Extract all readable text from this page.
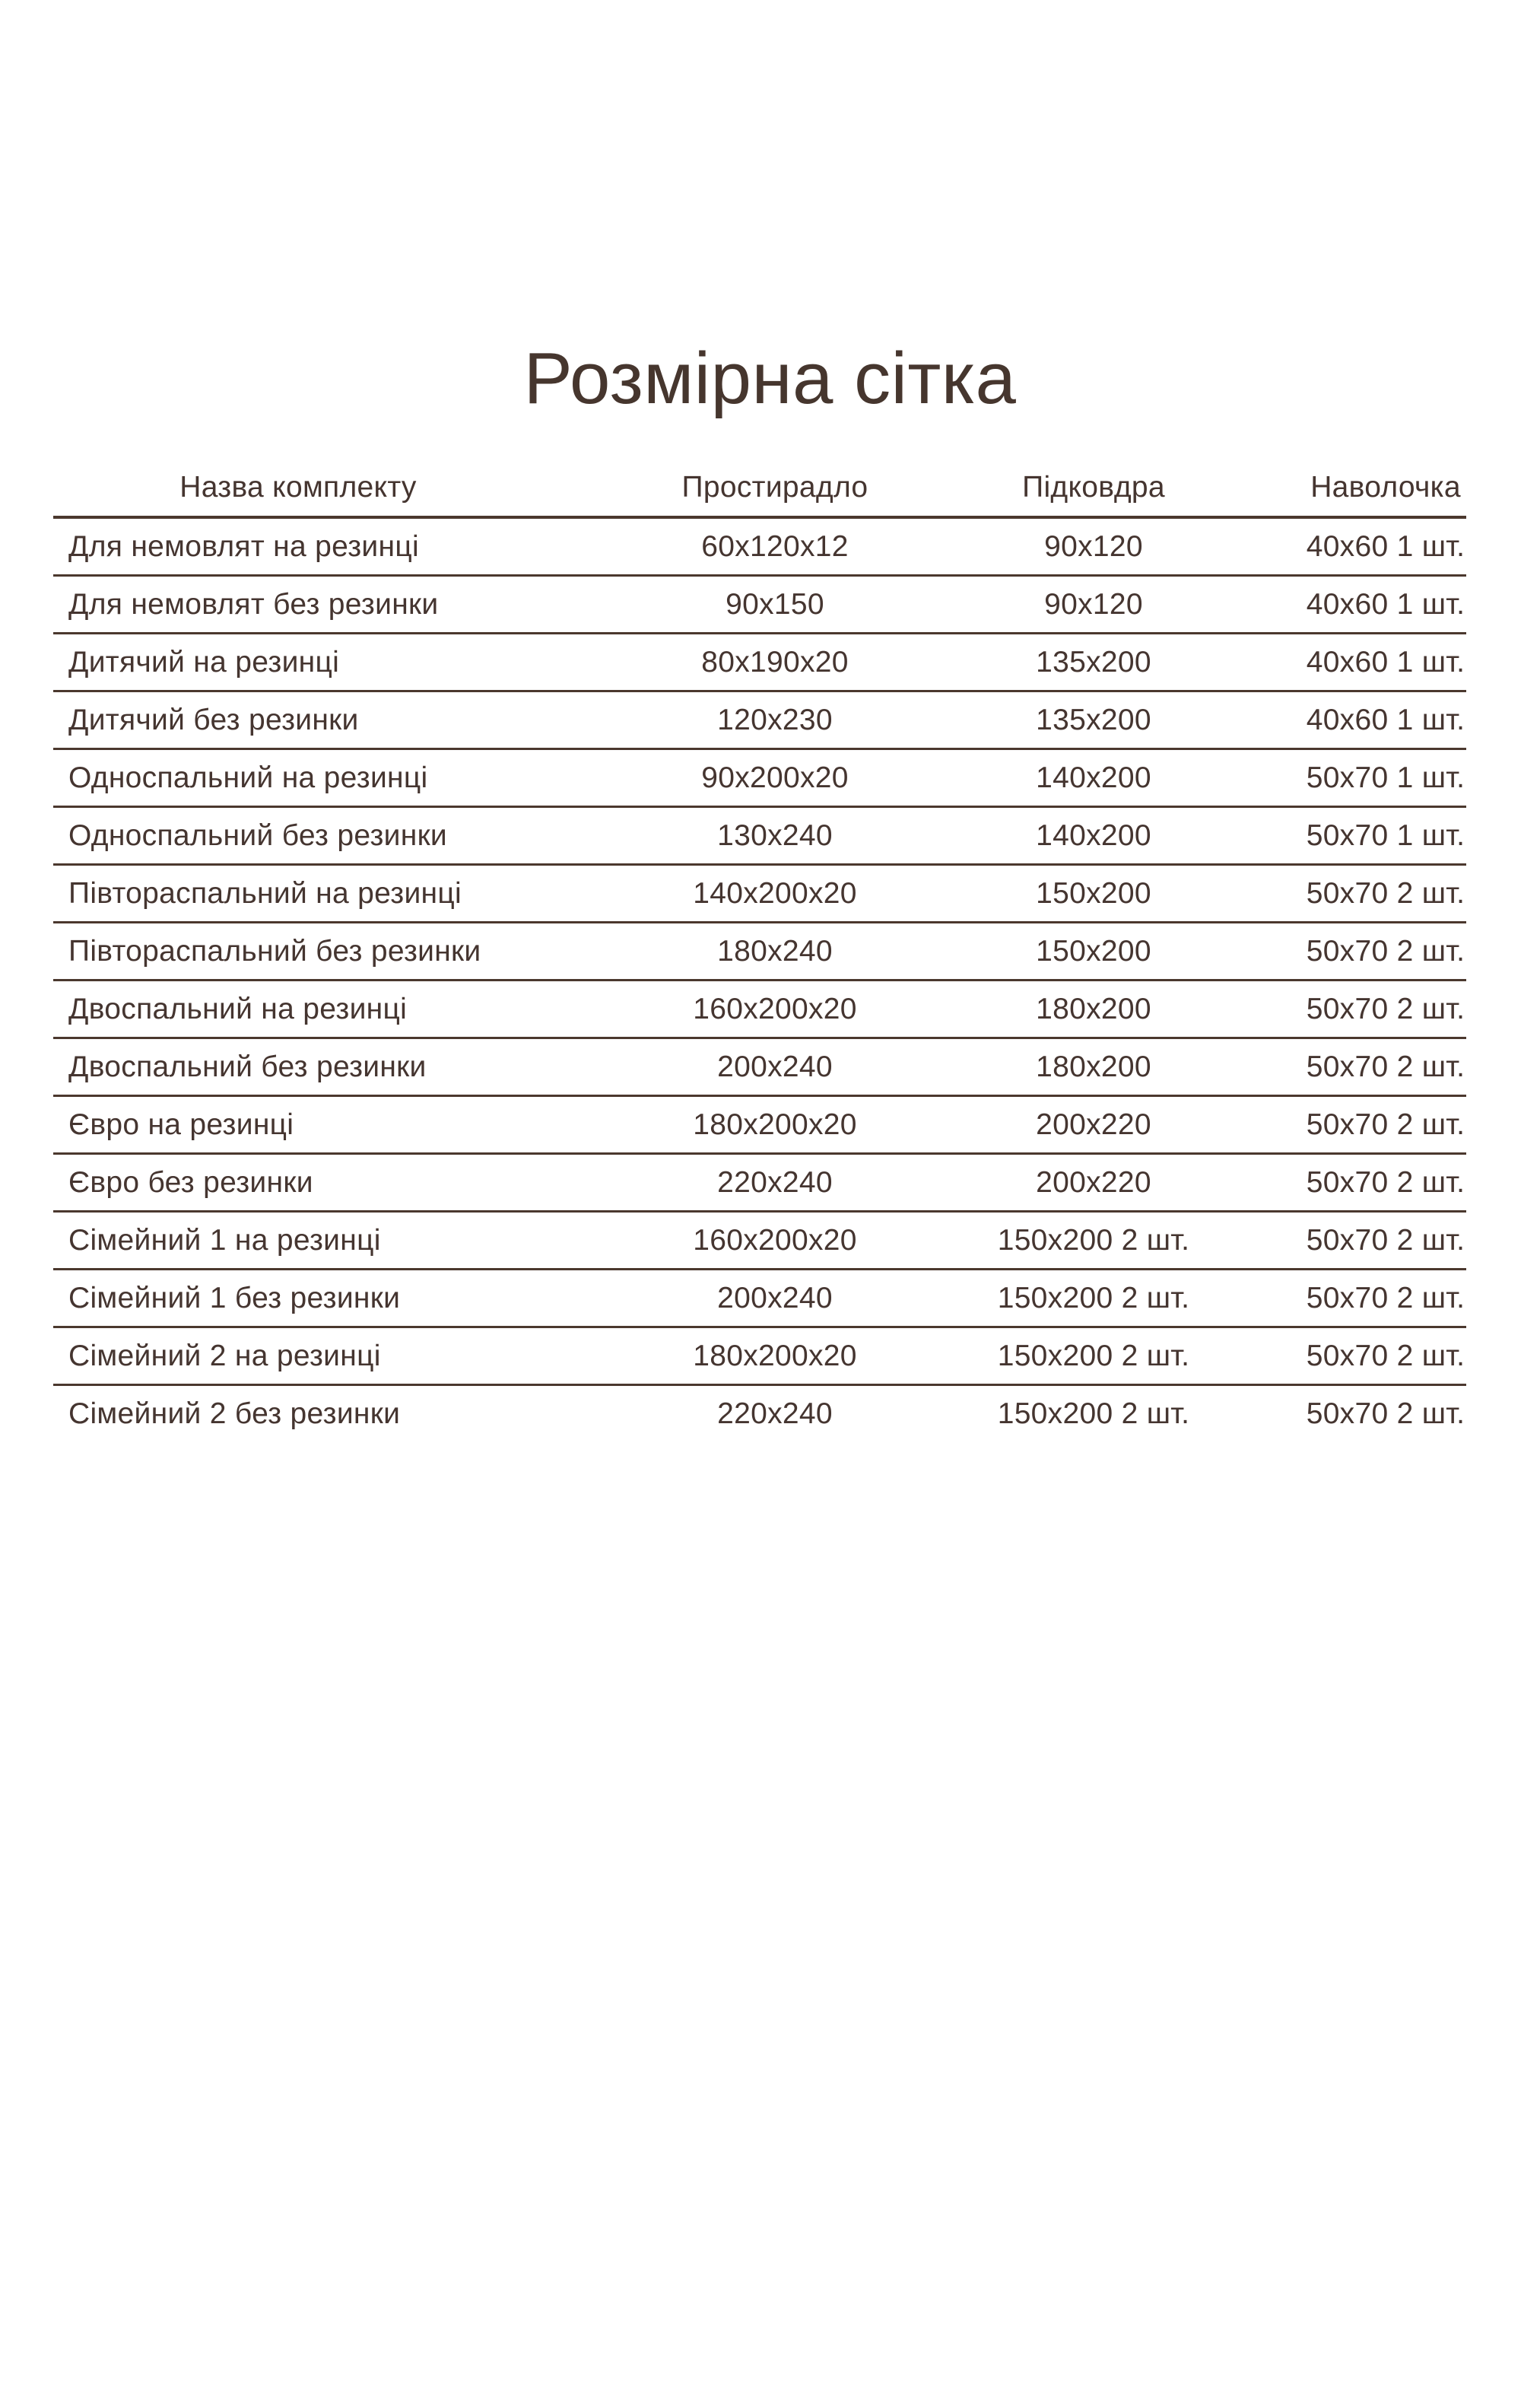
Розмірна сітка
Назва комплекту	Простирадло	Підковдра	Наволочка
Для немовлят на резинці	60х120х12	90х120	40х60 1 шт.
Для немовлят без резинки	90х150	90х120	40х60 1 шт.
Дитячий на резинці	80х190х20	135х200	40х60 1 шт.
Дитячий без резинки	120х230	135х200	40х60 1 шт.
Односпальний на резинці	90х200х20	140х200	50х70 1 шт.
Односпальний без резинки	130х240	140х200	50х70 1 шт.
Півтораспальний на резинці	140х200х20	150х200	50х70 2 шт.
Півтораспальний без резинки	180х240	150х200	50х70 2 шт.
Двоспальний на резинці	160х200х20	180х200	50х70 2 шт.
Двоспальний без резинки	200х240	180х200	50х70 2 шт.
Євро на резинці	180х200х20	200х220	50х70 2 шт.
Євро без резинки	220х240	200х220	50х70 2 шт.
Сімейний 1 на резинці	160х200х20	150х200 2 шт.	50х70 2 шт.
Сімейний 1 без резинки	200х240	150х200 2 шт.	50х70 2 шт.
Сімейний 2 на резинці	180х200х20	150х200 2 шт.	50х70 2 шт.
Сімейний 2 без резинки	220х240	150х200 2 шт.	50х70 2 шт.
